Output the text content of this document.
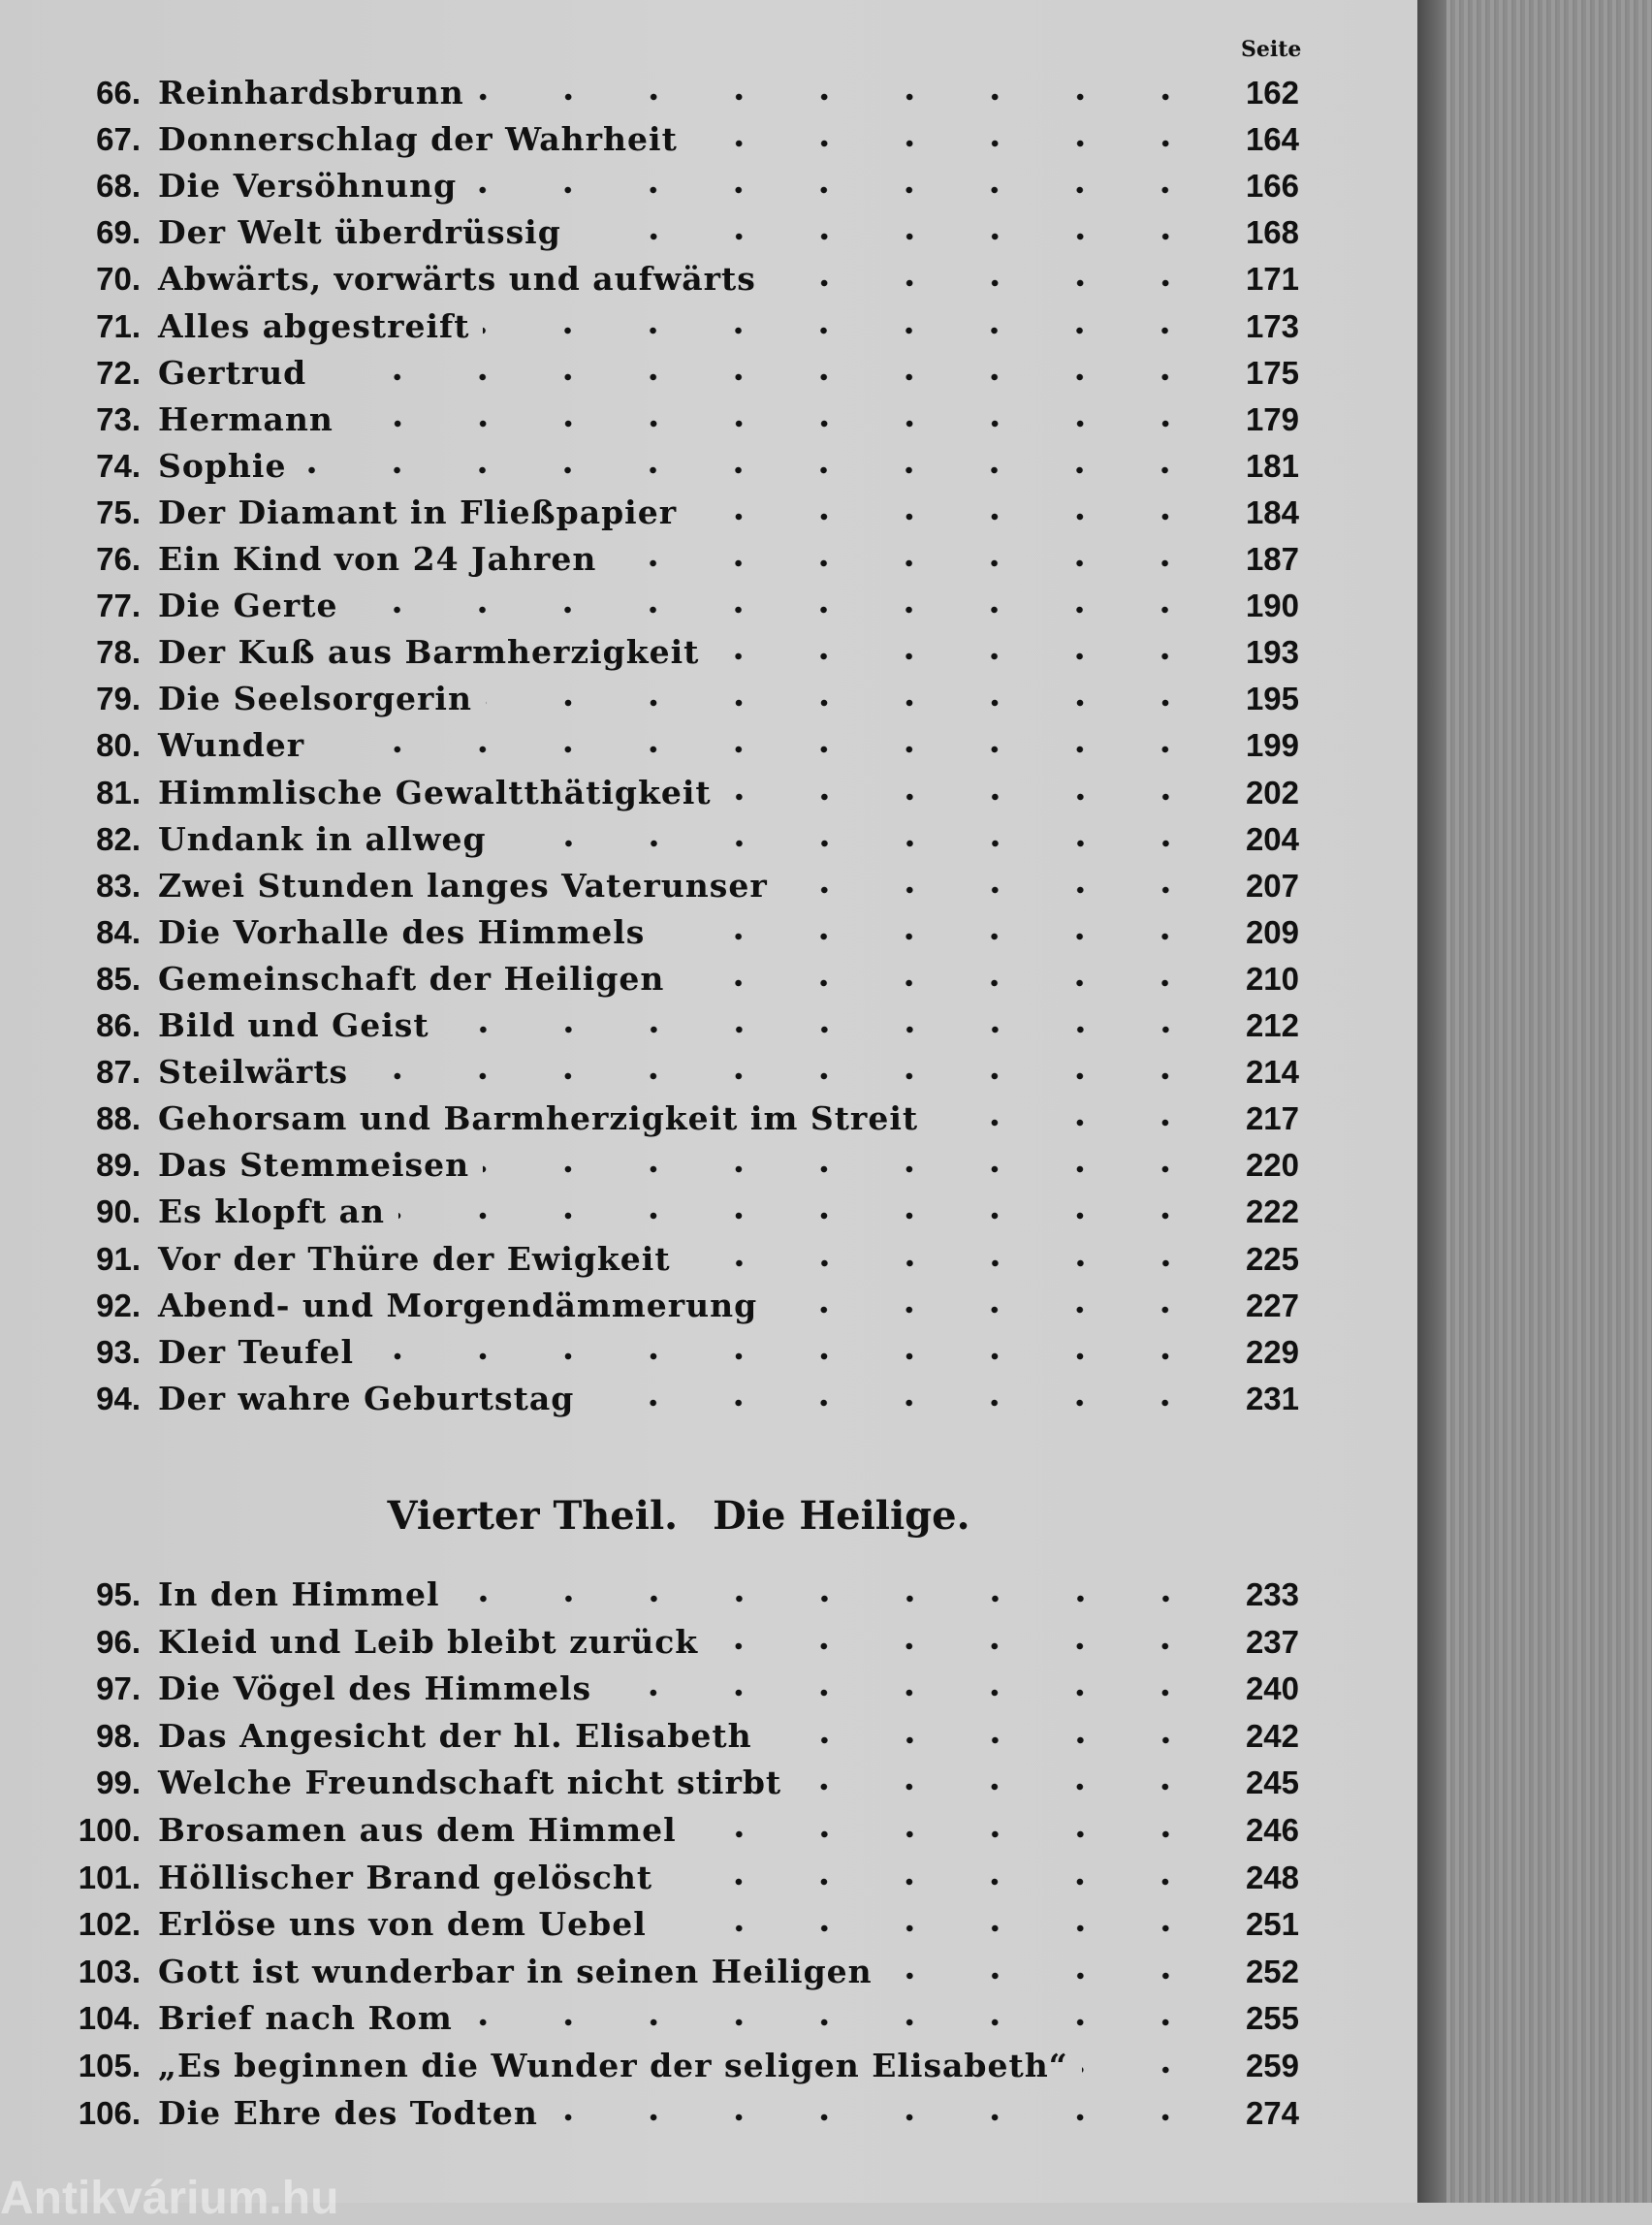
Seite
66. Reinhardsbrunn	162
67. Donnerschlag der Wahrheit	164
68. Die Versöhnung	166
69. Der Welt überdrüssig	168
70. Abwärts, vorwärts und aufwärts	171
71. Alles abgestreift	173
72. Gertrud	175
73. Hermann	179
74. Sophie	181
75. Der Diamant in Fließpapier	184
76. Ein Kind von 24 Jahren	187
77. Die Gerte	190
78. Der Kuß aus Barmherzigkeit	193
79. Die Seelsorgerin	195
80. Wunder	199
81. Himmlische Gewaltthätigkeit	202
82. Undank in allweg	204
83. Zwei Stunden langes Vaterunser	207
84. Die Vorhalle des Himmels	209
85. Gemeinschaft der Heiligen	210
86. Bild und Geist	212
87. Steilwärts	214
88. Gehorsam und Barmherzigkeit im Streit	217
89. Das Stemmeisen	220
90. Es klopft an	222
91. Vor der Thüre der Ewigkeit	225
92. Abend- und Morgendämmerung	227
93. Der Teufel	229
94. Der wahre Geburtstag	231
Vierter Theil. Die Heilige.
95. In den Himmel	233
96. Kleid und Leib bleibt zurück	237
97. Die Vögel des Himmels	240
98. Das Angesicht der hl. Elisabeth	242
99. Welche Freundschaft nicht stirbt	245
100. Brosamen aus dem Himmel	246
101. Höllischer Brand gelöscht	248
102. Erlöse uns von dem Uebel	251
103. Gott ist wunderbar in seinen Heiligen	252
104. Brief nach Rom	255
105. „Es beginnen die Wunder der seligen Elisabeth“	259
106. Die Ehre des Todten	274
Antikvárium.hu
